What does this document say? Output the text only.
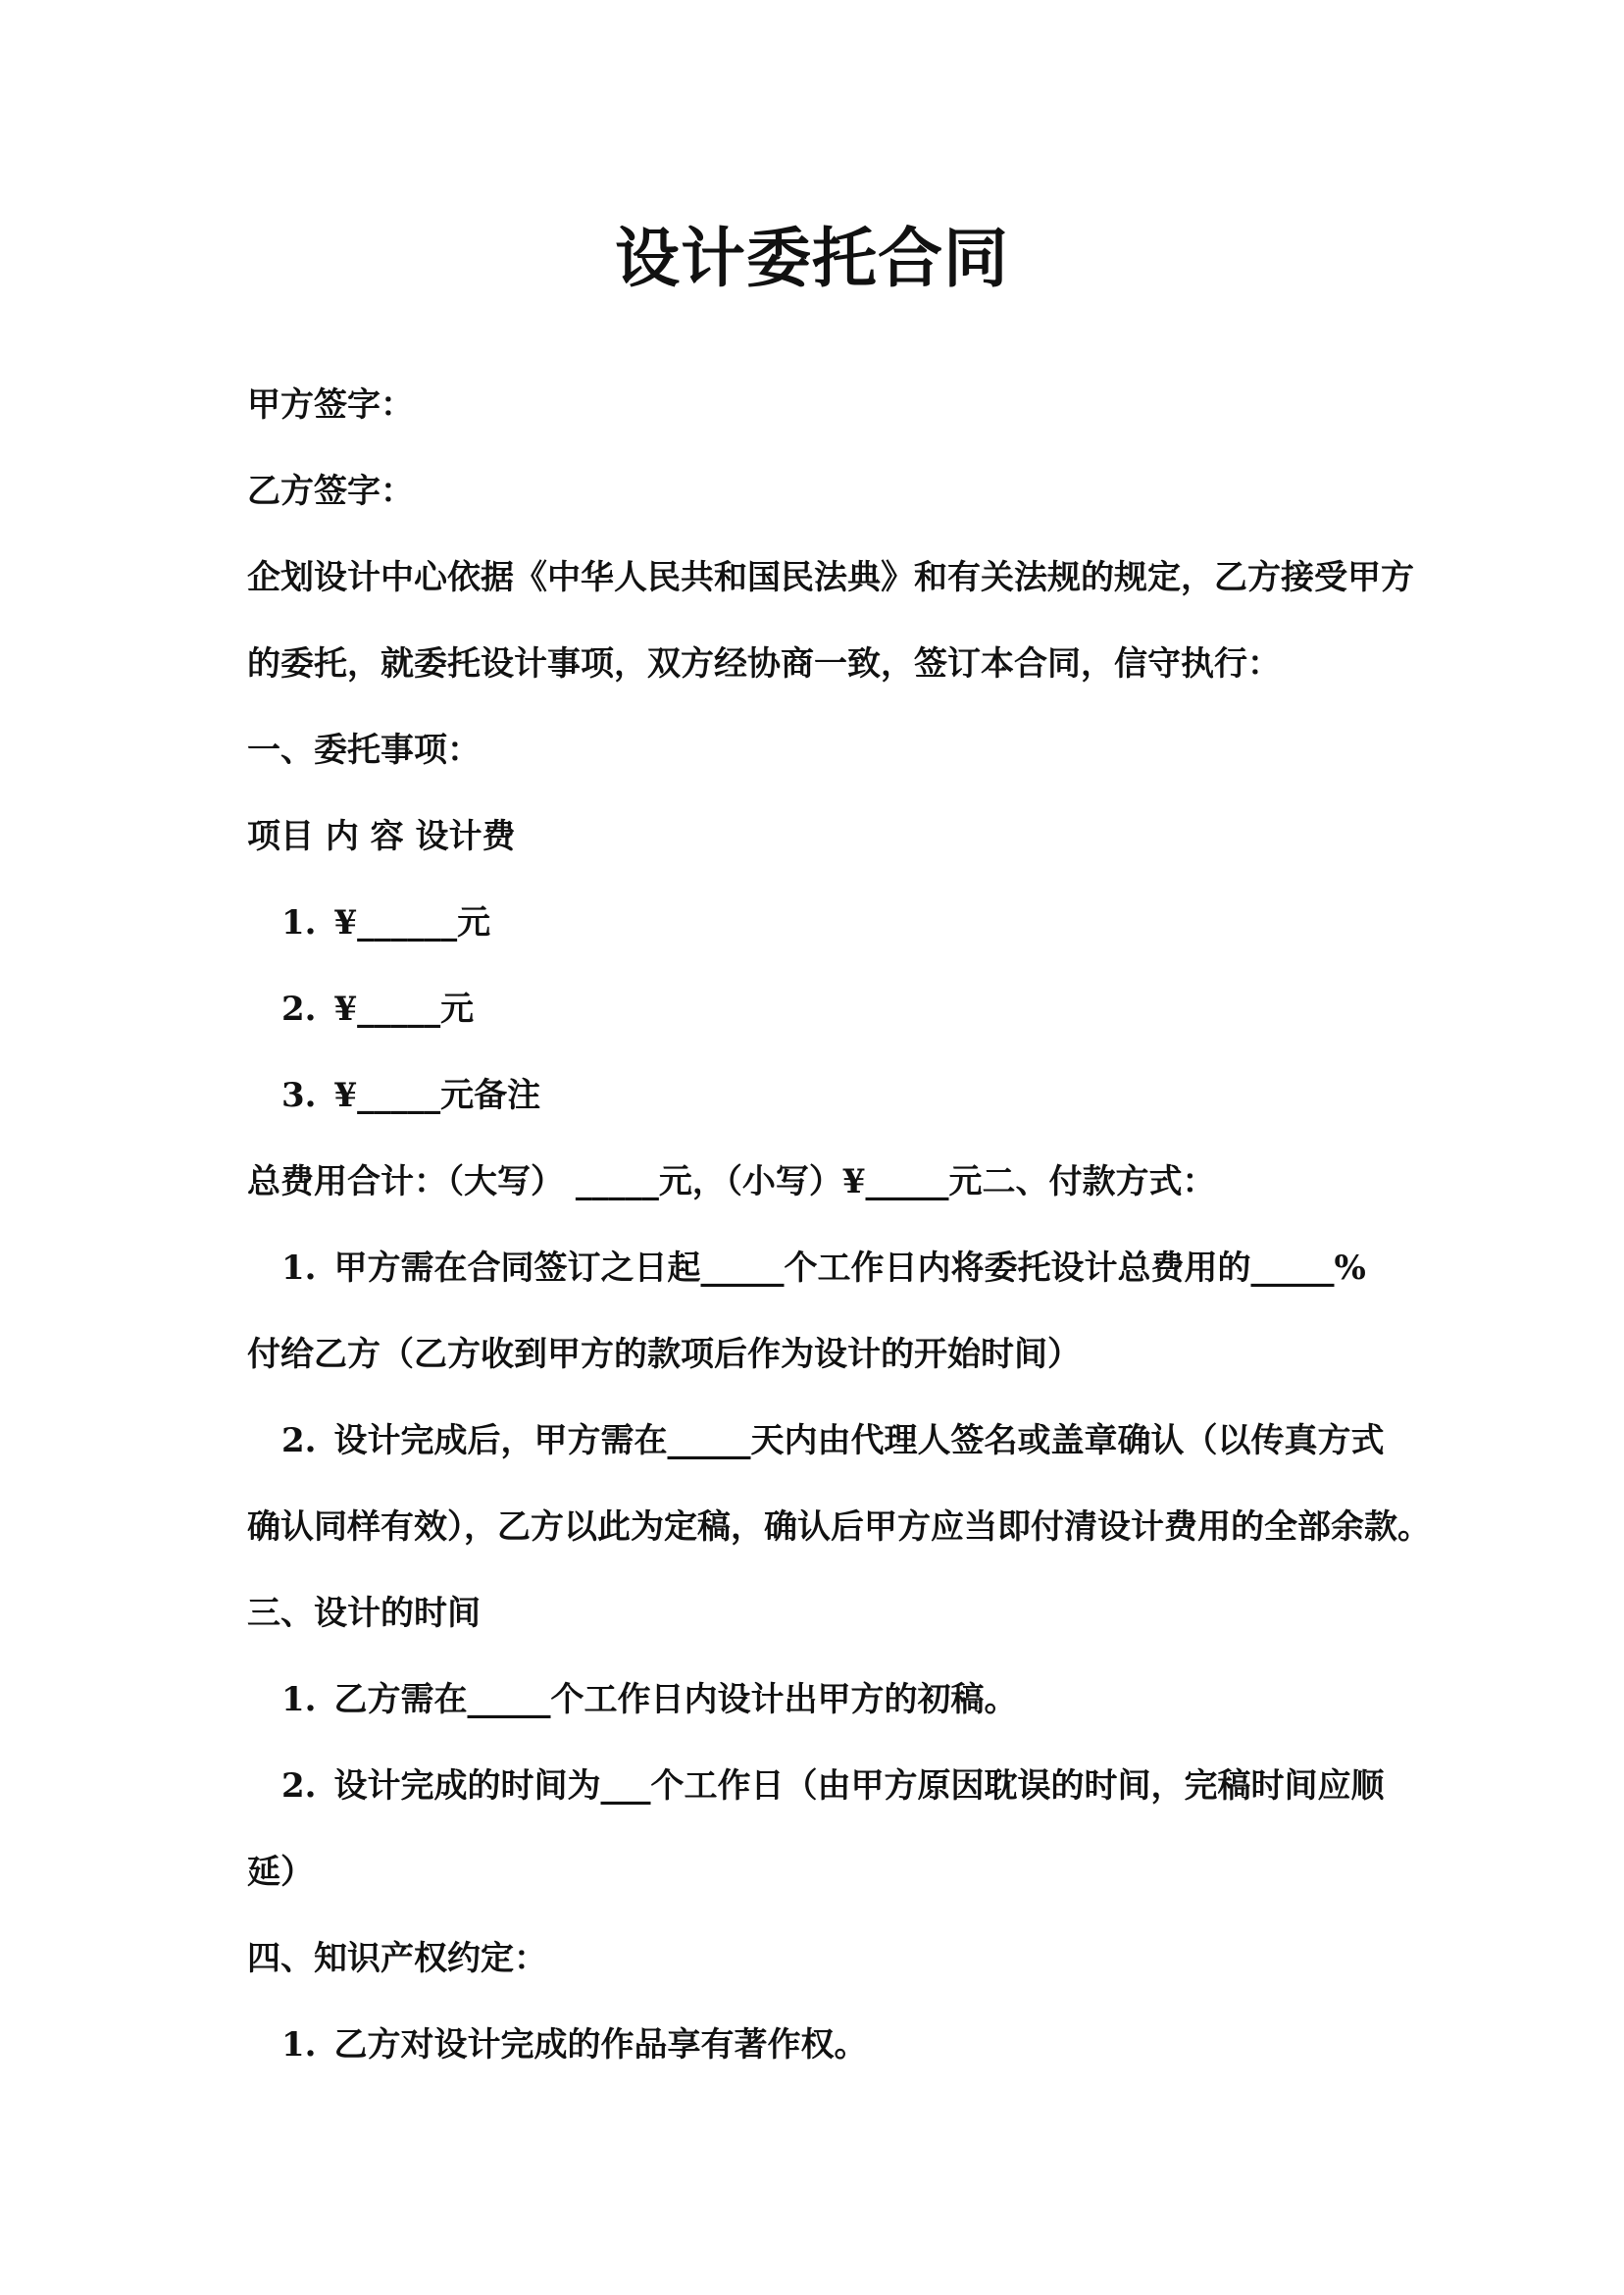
设计委托合同
甲方签字：
乙方签字：
企划设计中心依据《中华人民共和国民法典》和有关法规的规定，乙方接受甲方
的委托，就委托设计事项，双方经协商一致，签订本合同，信守执行：
一、委托事项：
项目 内 容 设计费
1. ¥______元
2. ¥_____元
3. ¥_____元备注
总费用合计：（大写） _____元，（小写）¥_____元二、付款方式：
1. 甲方需在合同签订之日起_____个工作日内将委托设计总费用的_____%
付给乙方（乙方收到甲方的款项后作为设计的开始时间）
2. 设计完成后，甲方需在_____天内由代理人签名或盖章确认（以传真方式
确认同样有效），乙方以此为定稿，确认后甲方应当即付清设计费用的全部余款。
三、设计的时间
1. 乙方需在_____个工作日内设计出甲方的初稿。
2. 设计完成的时间为___个工作日（由甲方原因耽误的时间，完稿时间应顺
延）
四、知识产权约定：
1. 乙方对设计完成的作品享有著作权。
